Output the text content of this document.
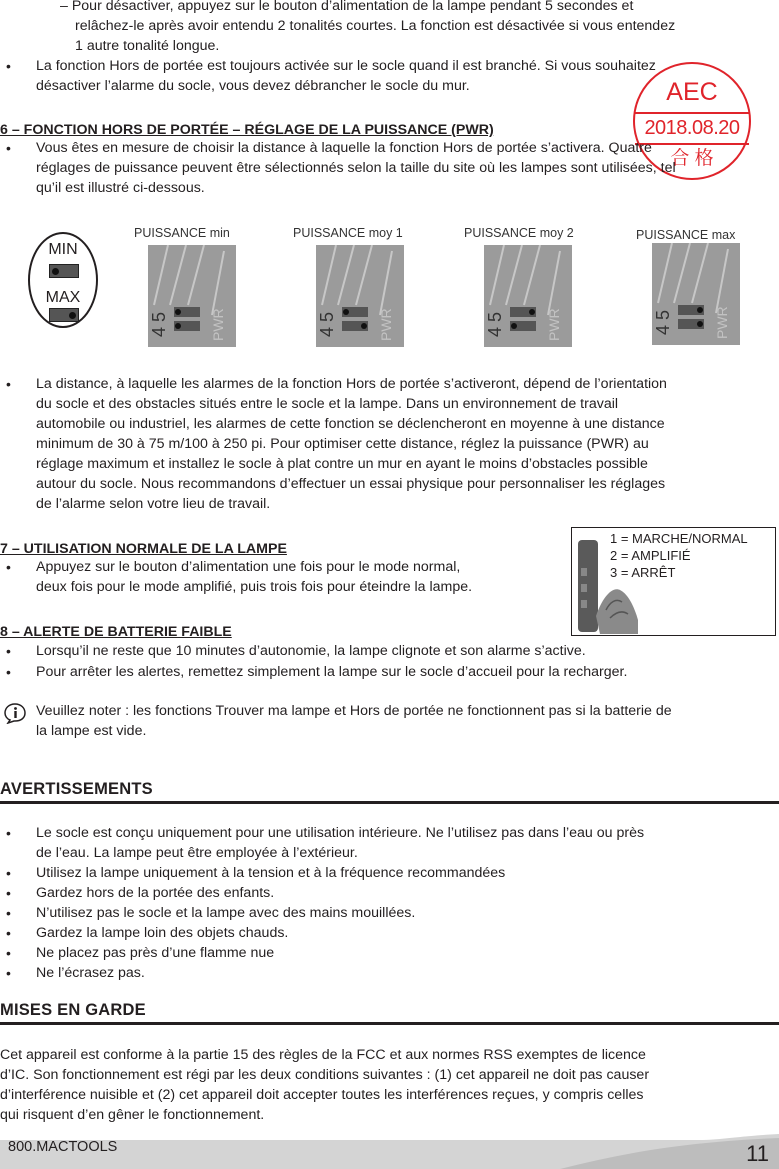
– Pour désactiver, appuyez sur le bouton d’alimentation de la lampe pendant 5 secondes et
relâchez-le après avoir entendu 2 tonalités courtes. La fonction est désactivée si vous entendez
1 autre tonalité longue.
•	La fonction Hors de portée est toujours activée sur le socle quand il est branché. Si vous souhaitez
désactiver l’alarme du socle, vous devez débrancher le socle du mur.	AEC
2018.08.20
合 格
6 – FONCTION HORS DE PORTÉE – RÉGLAGE DE LA PUISSANCE (PWR)
•	Vous êtes en mesure de choisir la distance à laquelle la fonction Hors de portée s’activera. Quatre
réglages de puissance peuvent être sélectionnés selon la taille du site où les lampes sont utilisées, tel
qu’il est illustré ci-dessous.
MIN
MAX
PUISSANCE min	PUISSANCE moy 1	PUISSANCE moy 2	PUISSANCE max
4 5	PWR	4 5	PWR	4 5	PWR	4 5	PWR
•	La distance, à laquelle les alarmes de la fonction Hors de portée s’activeront, dépend de l’orientation
du socle et des obstacles situés entre le socle et la lampe. Dans un environnement de travail
automobile ou industriel, les alarmes de cette fonction se déclencheront en moyenne à une distance
minimum de 30 à 75 m/100 à 250 pi. Pour optimiser cette distance, réglez la puissance (PWR) au
réglage maximum et installez le socle à plat contre un mur en ayant le moins d’obstacles possible
autour du socle. Nous recommandons d’effectuer un essai physique pour personnaliser les réglages
de l’alarme selon votre lieu de travail.
7 – UTILISATION NORMALE DE LA LAMPE
•	Appuyez sur le bouton d’alimentation une fois pour le mode normal,
deux fois pour le mode amplifié, puis trois fois pour éteindre la lampe.
1 = MARCHE/NORMAL
2 = AMPLIFIÉ
3 = ARRÊT
8 – ALERTE DE BATTERIE FAIBLE
•	Lorsqu’il ne reste que 10 minutes d’autonomie, la lampe clignote et son alarme s’active.
•	Pour arrêter les alertes, remettez simplement la lampe sur le socle d’accueil pour la recharger.
Veuillez noter : les fonctions Trouver ma lampe et Hors de portée ne fonctionnent pas si la batterie de
la lampe est vide.
AVERTISSEMENTS
•	Le socle est conçu uniquement pour une utilisation intérieure. Ne l’utilisez pas dans l’eau ou près
de l’eau. La lampe peut être employée à l’extérieur.
•	Utilisez la lampe uniquement à la tension et à la fréquence recommandées
•	Gardez hors de la portée des enfants.
•	N’utilisez pas le socle et la lampe avec des mains mouillées.
•	Gardez la lampe loin des objets chauds.
•	Ne placez pas près d’une flamme nue
•	Ne l’écrasez pas.
MISES EN GARDE
Cet appareil est conforme à la partie 15 des règles de la FCC et aux normes RSS exemptes de licence
d’IC. Son fonctionnement est régi par les deux conditions suivantes : (1) cet appareil ne doit pas causer
d’interférence nuisible et (2) cet appareil doit accepter toutes les interférences reçues, y compris celles
qui risquent d’en gêner le fonctionnement.
800.MACTOOLS	11
